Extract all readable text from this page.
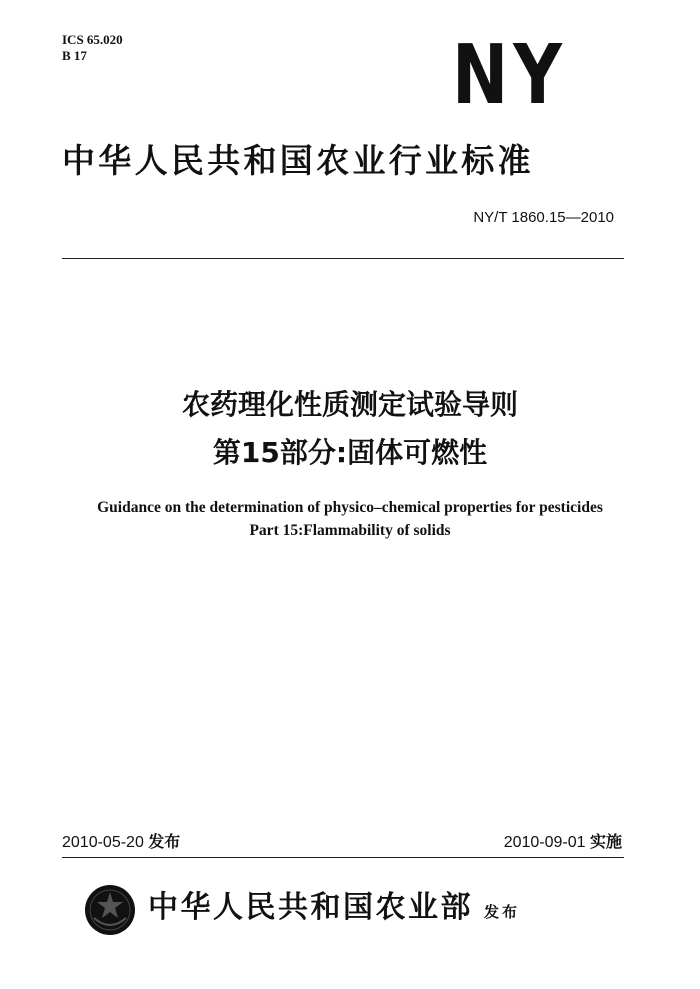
ICS 65.020
B 17	NY
中华人民共和国农业行业标准
NY/T 1860.15—2010
农药理化性质测定试验导则
第15部分:固体可燃性
Guidance on the determination of physico–chemical properties for pesticides
Part 15:Flammability of solids
2010-05-20 发布	2010-09-01 实施
中华人民共和国农业部 发布
